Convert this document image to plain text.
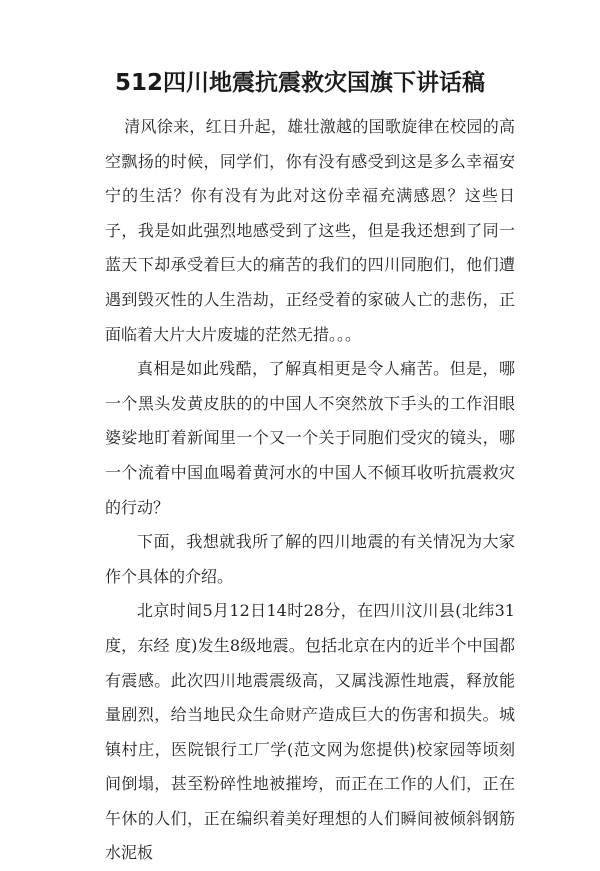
512四川地震抗震救灾国旗下讲话稿

清风徐来，红日升起，雄壮激越的国歌旋律在校园的高空飘扬的时候，同学们，你有没有感受到这是多么幸福安宁的生活？你有没有为此对这份幸福充满感恩？这些日子，我是如此强烈地感受到了这些，但是我还想到了同一蓝天下却承受着巨大的痛苦的我们的四川同胞们，他们遭遇到毁灭性的人生浩劫，正经受着的家破人亡的悲伤，正面临着大片大片废墟的茫然无措。。。

真相是如此残酷，了解真相更是令人痛苦。但是，哪一个黑头发黄皮肤的的中国人不突然放下手头的工作泪眼婆娑地盯着新闻里一个又一个关于同胞们受灾的镜头，哪一个流着中国血喝着黄河水的中国人不倾耳收听抗震救灾的行动？

下面，我想就我所了解的四川地震的有关情况为大家作个具体的介绍。

北京时间5月12日14时28分，在四川汶川县(北纬31度，东经 度)发生8级地震。包括北京在内的近半个中国都有震感。此次四川地震震级高，又属浅源性地震，释放能量剧烈，给当地民众生命财产造成巨大的伤害和损失。城镇村庄，医院银行工厂学(范文网为您提供)校家园等顷刻间倒塌，甚至粉碎性地被摧垮，而正在工作的人们，正在午休的人们，正在编织着美好理想的人们瞬间被倾斜钢筋水泥板
